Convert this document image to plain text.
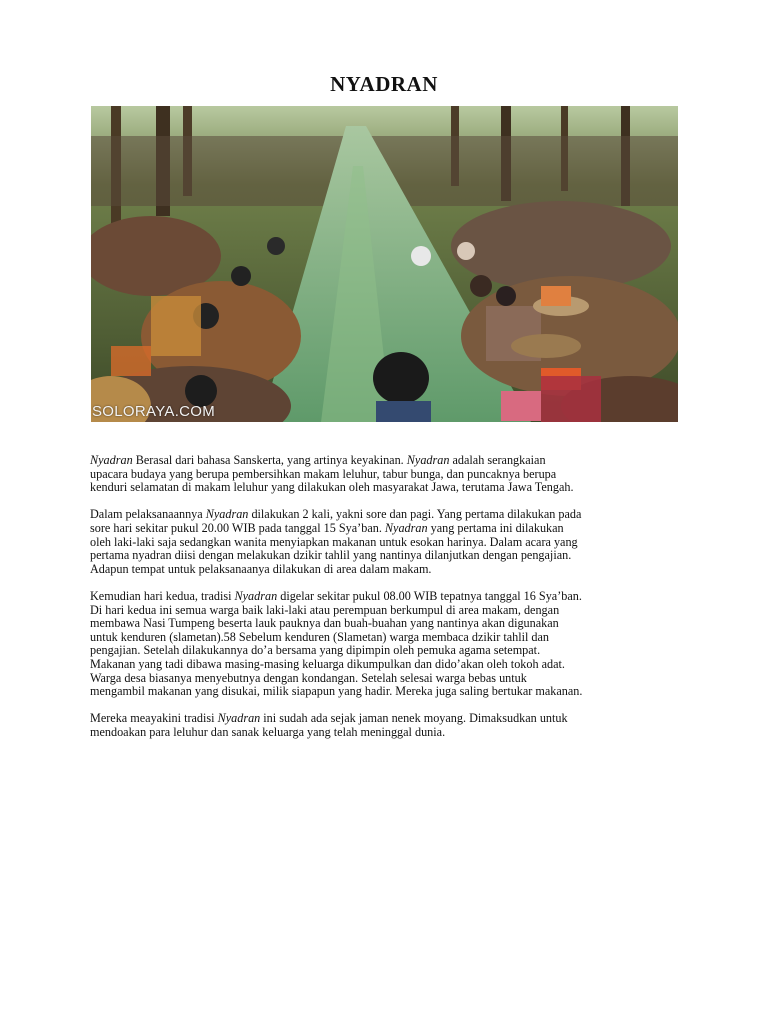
NYADRAN
SOLORAYA.COM

Nyadran Berasal dari bahasa Sanskerta, yang artinya keyakinan. Nyadran adalah serangkaian
upacara budaya yang berupa pembersihkan makam leluhur, tabur bunga, dan puncaknya berupa
kenduri selamatan di makam leluhur yang dilakukan oleh masyarakat Jawa, terutama Jawa Tengah.

Dalam pelaksanaannya Nyadran dilakukan 2 kali, yakni sore dan pagi. Yang pertama dilakukan pada
sore hari sekitar pukul 20.00 WIB pada tanggal 15 Sya’ban. Nyadran yang pertama ini dilakukan
oleh laki-laki saja sedangkan wanita menyiapkan makanan untuk esokan harinya. Dalam acara yang
pertama nyadran diisi dengan melakukan dzikir tahlil yang nantinya dilanjutkan dengan pengajian.
Adapun tempat untuk pelaksanaanya dilakukan di area dalam makam.

Kemudian hari kedua, tradisi Nyadran digelar sekitar pukul 08.00 WIB tepatnya tanggal 16 Sya’ban.
Di hari kedua ini semua warga baik laki-laki atau perempuan berkumpul di area makam, dengan
membawa Nasi Tumpeng beserta lauk pauknya dan buah-buahan yang nantinya akan digunakan
untuk kenduren (slametan).58 Sebelum kenduren (Slametan) warga membaca dzikir tahlil dan
pengajian. Setelah dilakukannya do’a bersama yang dipimpin oleh pemuka agama setempat.
Makanan yang tadi dibawa masing-masing keluarga dikumpulkan dan dido’akan oleh tokoh adat.
Warga desa biasanya menyebutnya dengan kondangan. Setelah selesai warga bebas untuk
mengambil makanan yang disukai, milik siapapun yang hadir. Mereka juga saling bertukar makanan.

Mereka meayakini tradisi Nyadran ini sudah ada sejak jaman nenek moyang. Dimaksudkan untuk
mendoakan para leluhur dan sanak keluarga yang telah meninggal dunia.
